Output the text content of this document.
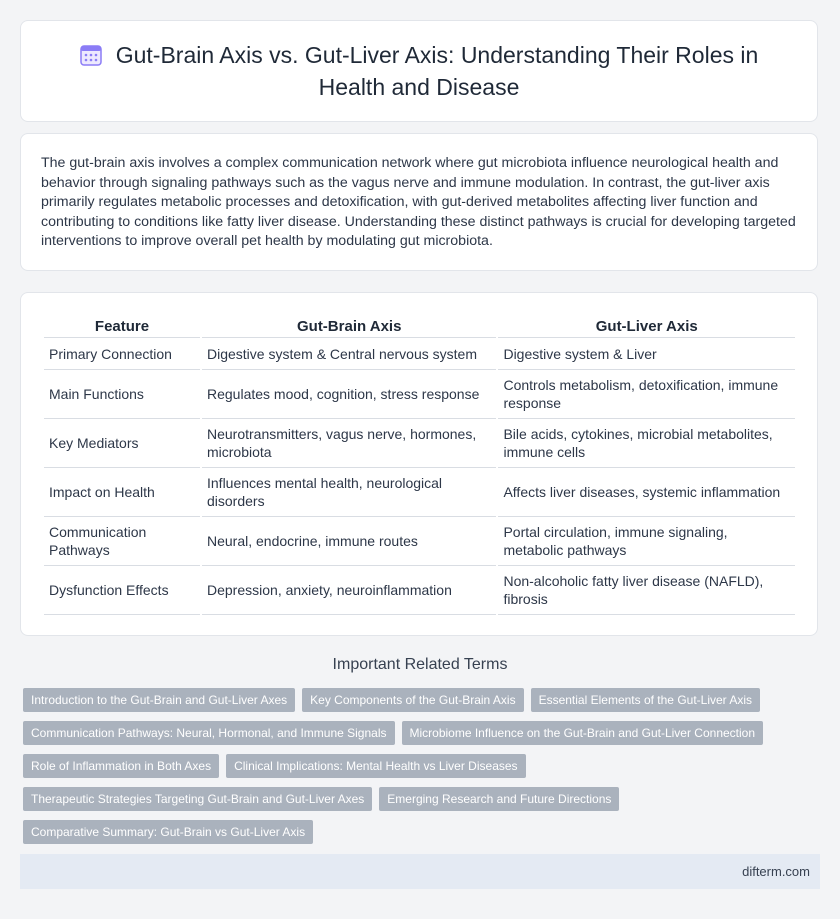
Gut-Brain Axis vs. Gut-Liver Axis: Understanding Their Roles in Health and Disease

The gut-brain axis involves a complex communication network where gut microbiota influence neurological health and behavior through signaling pathways such as the vagus nerve and immune modulation. In contrast, the gut-liver axis primarily regulates metabolic processes and detoxification, with gut-derived metabolites affecting liver function and contributing to conditions like fatty liver disease. Understanding these distinct pathways is crucial for developing targeted interventions to improve overall pet health by modulating gut microbiota.

Feature	Gut-Brain Axis	Gut-Liver Axis
Primary Connection	Digestive system & Central nervous system	Digestive system & Liver
Main Functions	Regulates mood, cognition, stress response	Controls metabolism, detoxification, immune response
Key Mediators	Neurotransmitters, vagus nerve, hormones, microbiota	Bile acids, cytokines, microbial metabolites, immune cells
Impact on Health	Influences mental health, neurological disorders	Affects liver diseases, systemic inflammation
Communication Pathways	Neural, endocrine, immune routes	Portal circulation, immune signaling, metabolic pathways
Dysfunction Effects	Depression, anxiety, neuroinflammation	Non-alcoholic fatty liver disease (NAFLD), fibrosis
Important Related Terms
Introduction to the Gut-Brain and Gut-Liver Axes	Key Components of the Gut-Brain Axis	Essential Elements of the Gut-Liver Axis
Communication Pathways: Neural, Hormonal, and Immune Signals	Microbiome Influence on the Gut-Brain and Gut-Liver Connection
Role of Inflammation in Both Axes	Clinical Implications: Mental Health vs Liver Diseases
Therapeutic Strategies Targeting Gut-Brain and Gut-Liver Axes	Emerging Research and Future Directions
Comparative Summary: Gut-Brain vs Gut-Liver Axis
difterm.com
